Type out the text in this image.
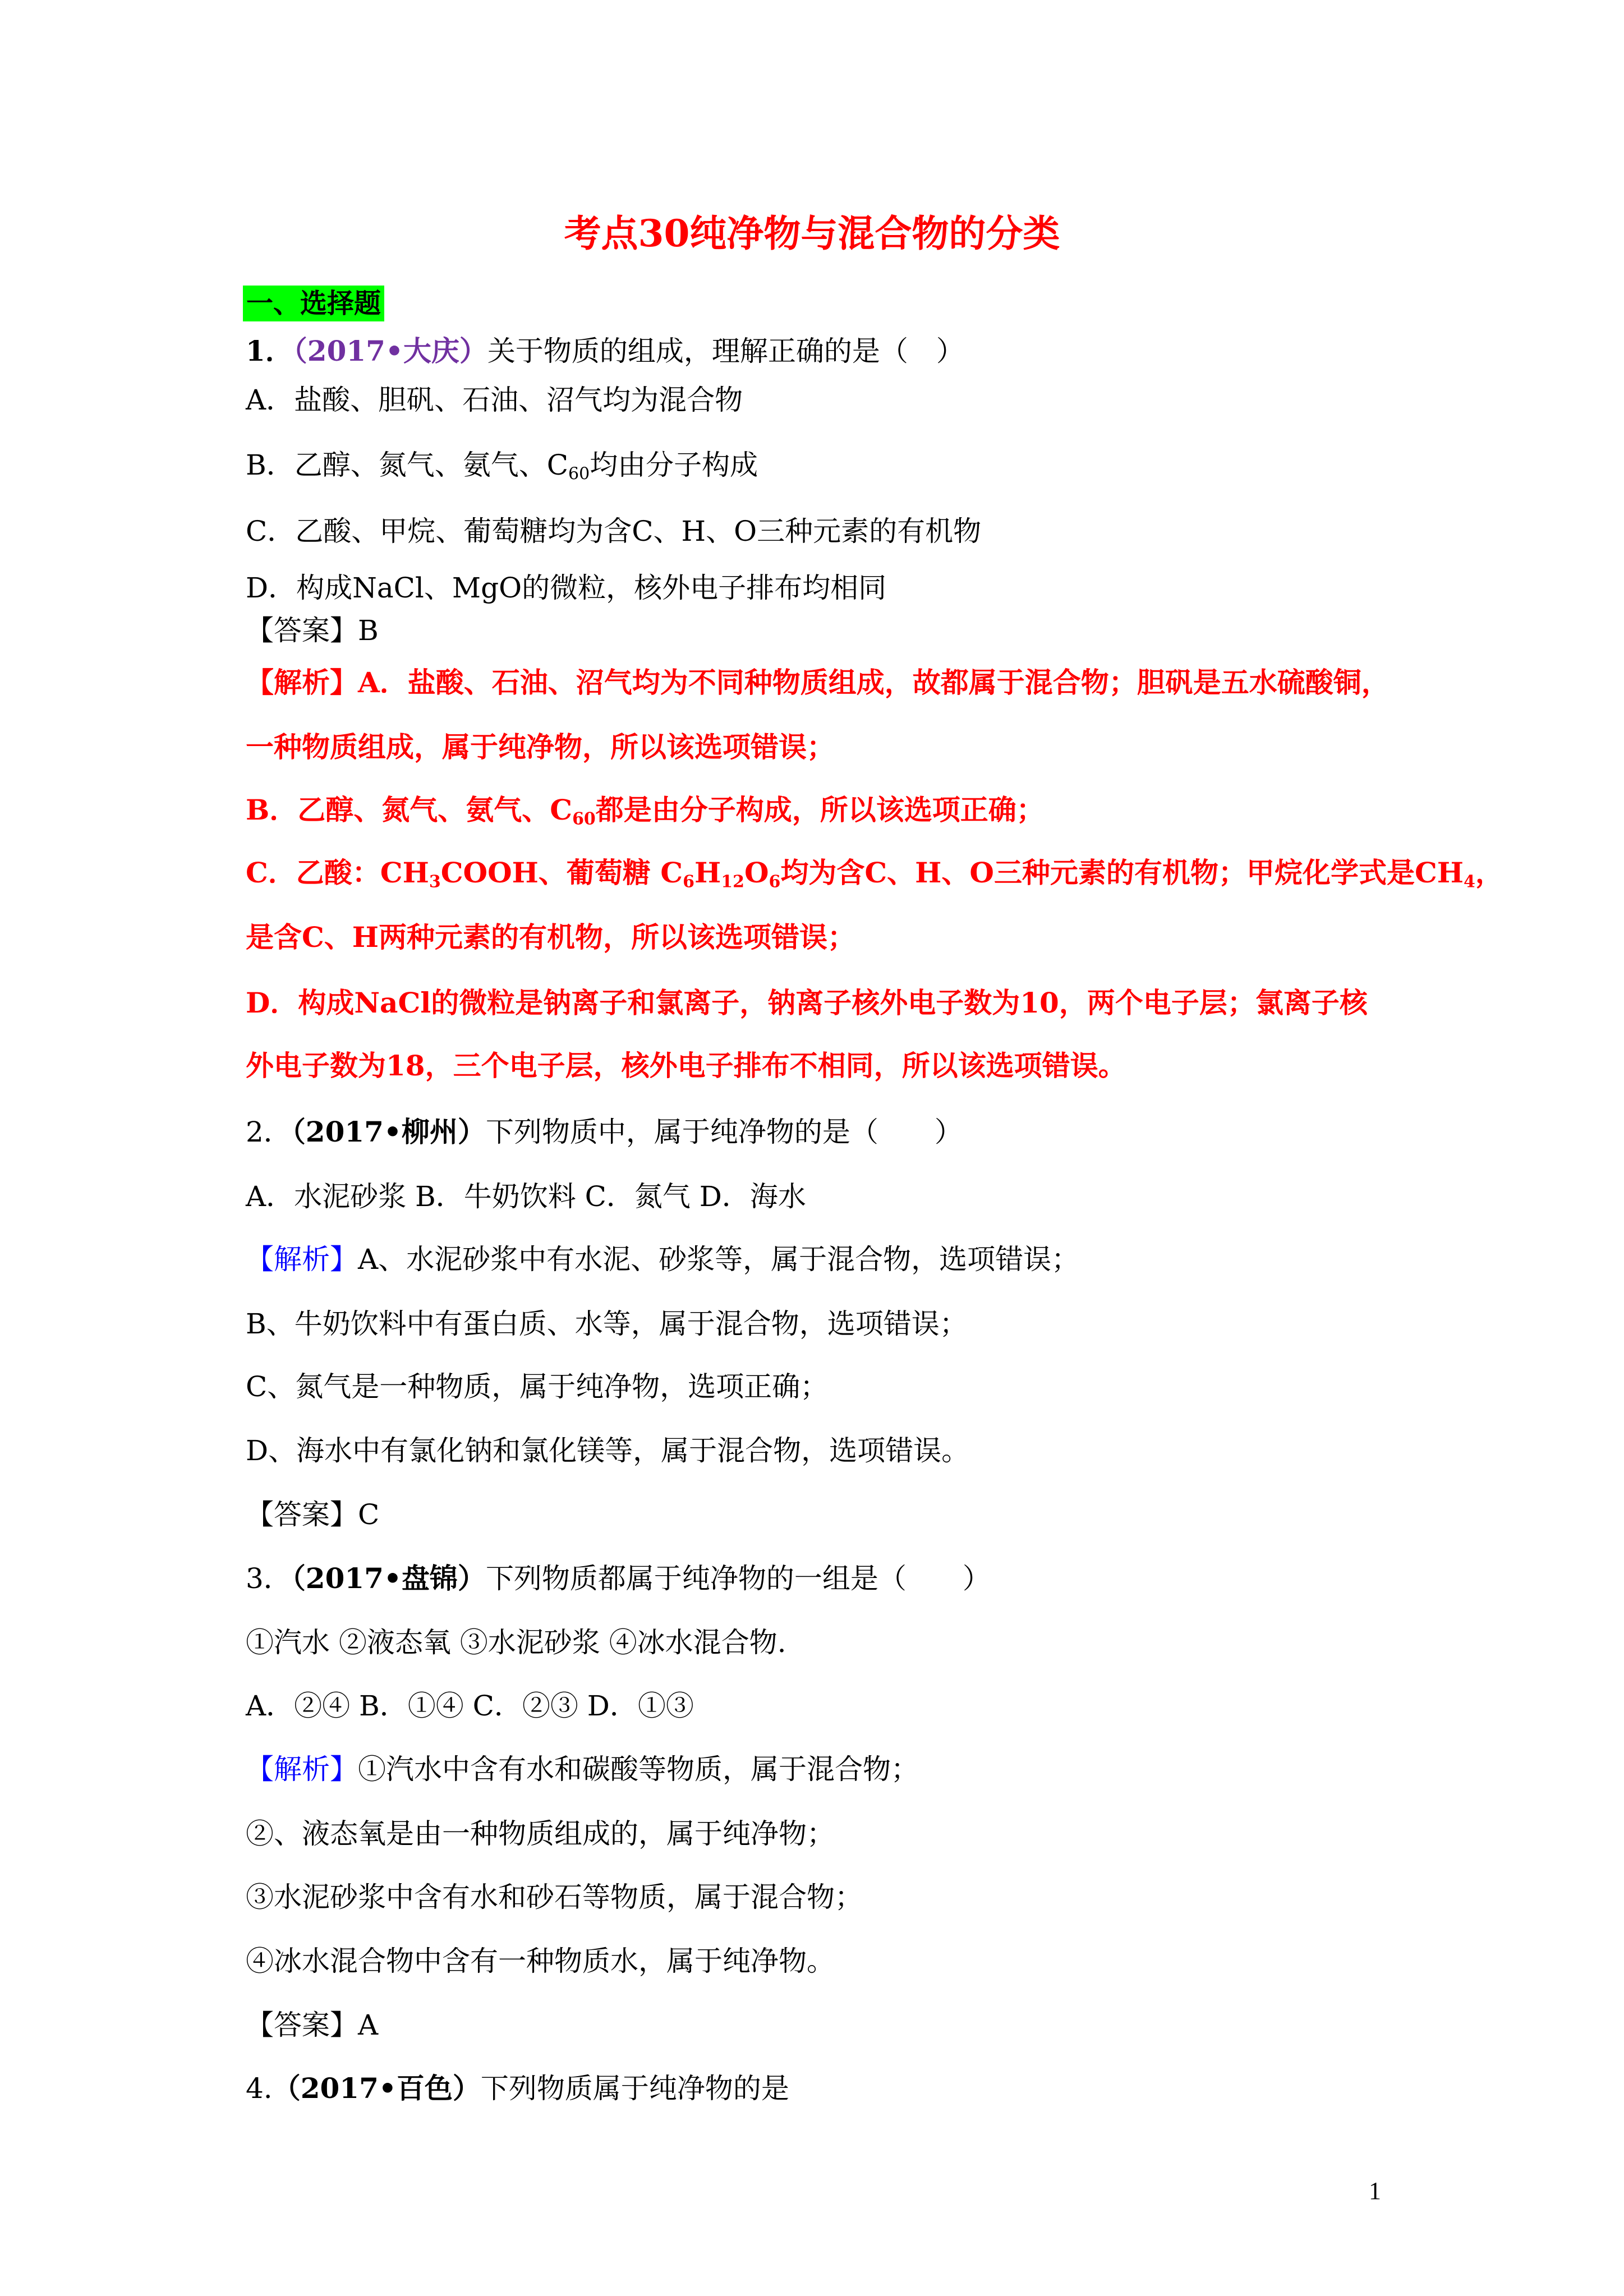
考点30纯净物与混合物的分类
一、选择题
1．（2017•大庆）关于物质的组成，理解正确的是（　）
A．盐酸、胆矾、石油、沼气均为混合物
B．乙醇、氮气、氨气、$C_{60}$均由分子构成
C．乙酸、甲烷、葡萄糖均为含C、H、O三种元素的有机物
D．构成NaCl、MgO的微粒，核外电子排布均相同
【答案】B
【解析】A．盐酸、石油、沼气均为不同种物质组成，故都属于混合物；胆矾是五水硫酸铜，
一种物质组成，属于纯净物，所以该选项错误；
B．乙醇、氮气、氨气、$C_{60}$都是由分子构成，所以该选项正确；
C．乙酸：$CH_3COOH$、葡萄糖 $C_6H_{12}O_6$均为含C、H、O三种元素的有机物；甲烷化学式是$CH_4$，
是含C、H两种元素的有机物，所以该选项错误；
D．构成NaCl的微粒是钠离子和氯离子，钠离子核外电子数为10，两个电子层；氯离子核
外电子数为18，三个电子层，核外电子排布不相同，所以该选项错误。
2．（2017•柳州）下列物质中，属于纯净物的是（　　）
A．水泥砂浆 B．牛奶饮料 C．氮气 D．海水
【解析】A、水泥砂浆中有水泥、砂浆等，属于混合物，选项错误；
B、牛奶饮料中有蛋白质、水等，属于混合物，选项错误；
C、氮气是一种物质，属于纯净物，选项正确；
D、海水中有氯化钠和氯化镁等，属于混合物，选项错误。
【答案】C
3．（2017•盘锦）下列物质都属于纯净物的一组是（　　）
①汽水 ②液态氧 ③水泥砂浆 ④冰水混合物.
A．②④ B．①④ C．②③ D．①③
【解析】①汽水中含有水和碳酸等物质，属于混合物；
②、液态氧是由一种物质组成的，属于纯净物；
③水泥砂浆中含有水和砂石等物质，属于混合物；
④冰水混合物中含有一种物质水，属于纯净物。
【答案】A
4.（2017•百色）下列物质属于纯净物的是
1
